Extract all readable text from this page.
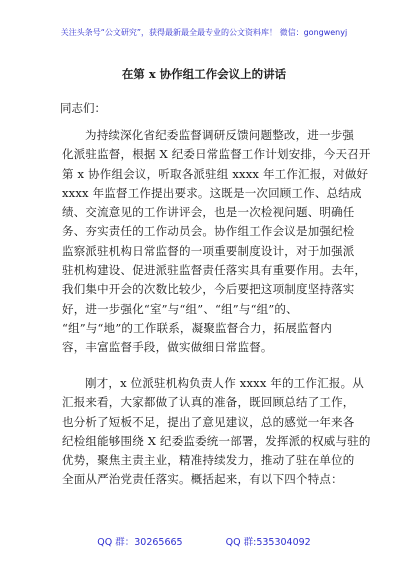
关注头条号“公文研究”，获得最新最全最专业的公文资料库！ 微信：gongwenyj
在第 x 协作组工作会议上的讲话
同志们：
为持续深化省纪委监督调研反馈问题整改，进一步强
化派驻监督，根据 X 纪委日常监督工作计划安排，今天召开
第 x 协作组会议，听取各派驻组 xxxx 年工作汇报，对做好
xxxx 年监督工作提出要求。这既是一次回顾工作、总结成
绩、交流意见的工作讲评会，也是一次检视问题、明确任
务、夯实责任的工作动员会。协作组工作会议是加强纪检
监察派驻机构日常监督的一项重要制度设计，对于加强派
驻机构建设、促进派驻监督责任落实具有重要作用。去年，
我们集中开会的次数比较少，今后要把这项制度坚持落实
好，进一步强化“室”与“组”、“组”与“组”的、
“组”与“地”的工作联系，凝聚监督合力，拓展监督内
容，丰富监督手段，做实做细日常监督。
刚才，x 位派驻机构负责人作 xxxx 年的工作汇报。从
汇报来看，大家都做了认真的准备，既回顾总结了工作，
也分析了短板不足，提出了意见建议，总的感觉一年来各
纪检组能够围绕 X 纪委监委统一部署，发挥派的权威与驻的
优势，聚焦主责主业，精准持续发力，推动了驻在单位的
全面从严治党责任落实。概括起来，有以下四个特点：
QQ 群：30265665	QQ 群:535304092
